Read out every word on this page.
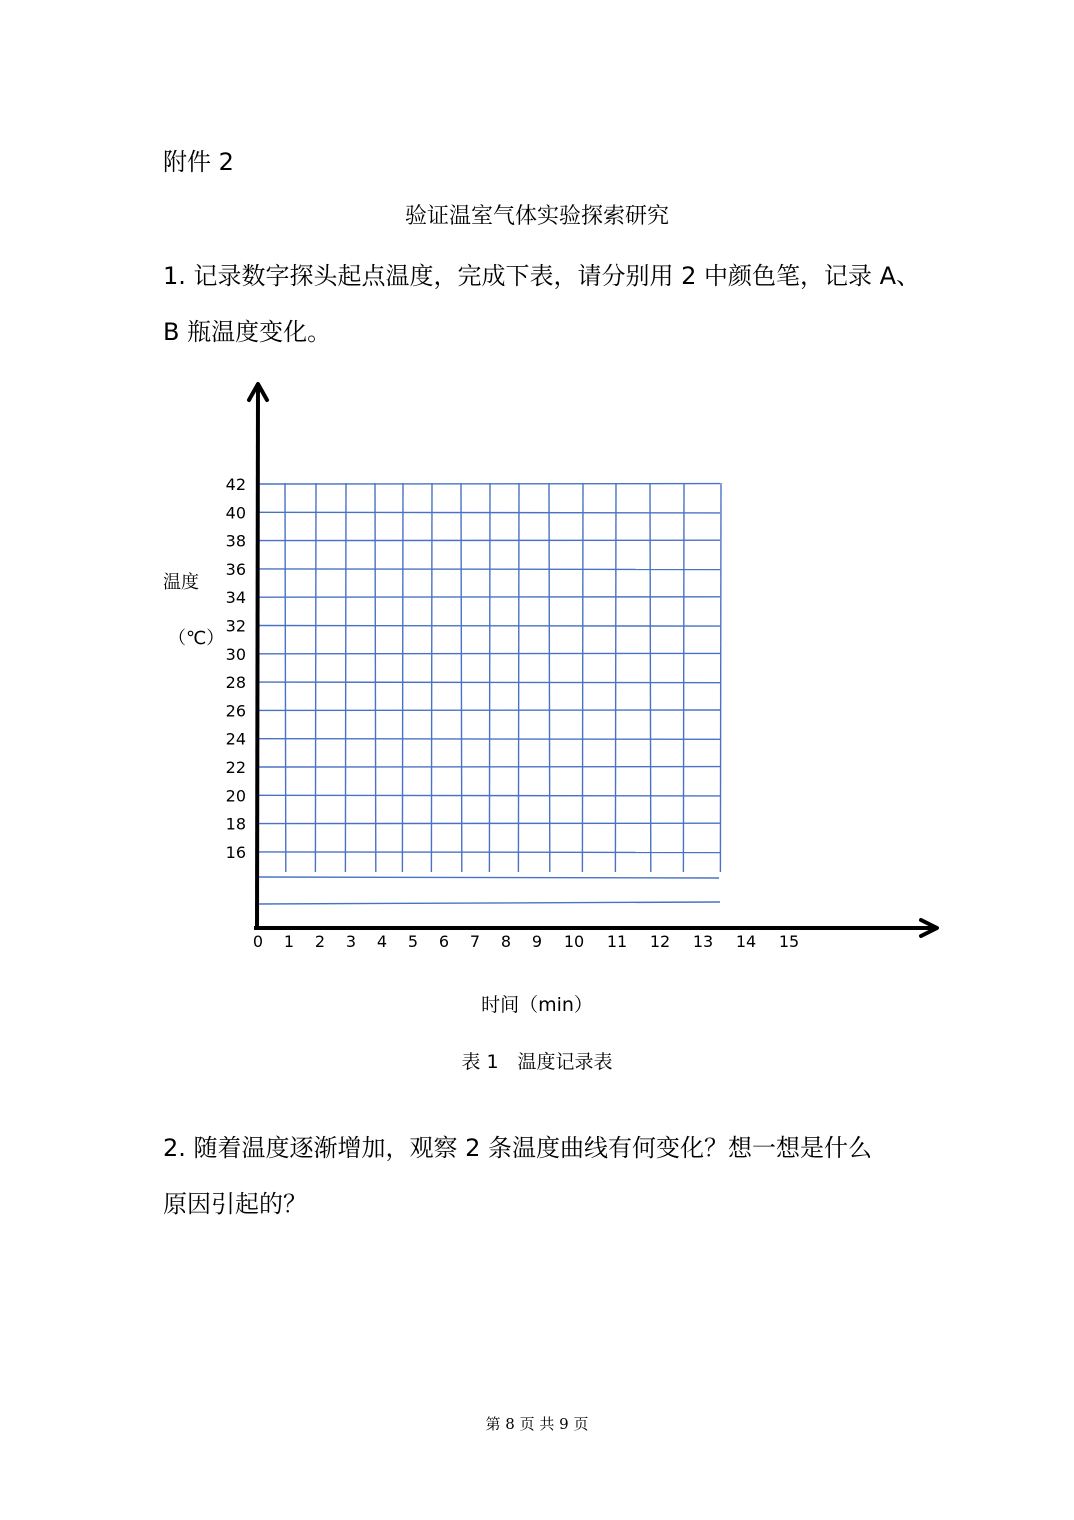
附件 2
验证温室气体实验探索研究
1. 记录数字探头起点温度，完成下表，请分别用 2 中颜色笔，记录 A、
B 瓶温度变化。
42
40
38
36
34
32
30
28
26
24
22
20
18
16
0 1 2 3 4 5 6 7 8 9 10 11 12 13 14 15
温度
（℃）
时间（min）
表 1　温度记录表
2. 随着温度逐渐增加，观察 2 条温度曲线有何变化？想一想是什么
原因引起的？
第 8 页 共 9 页
